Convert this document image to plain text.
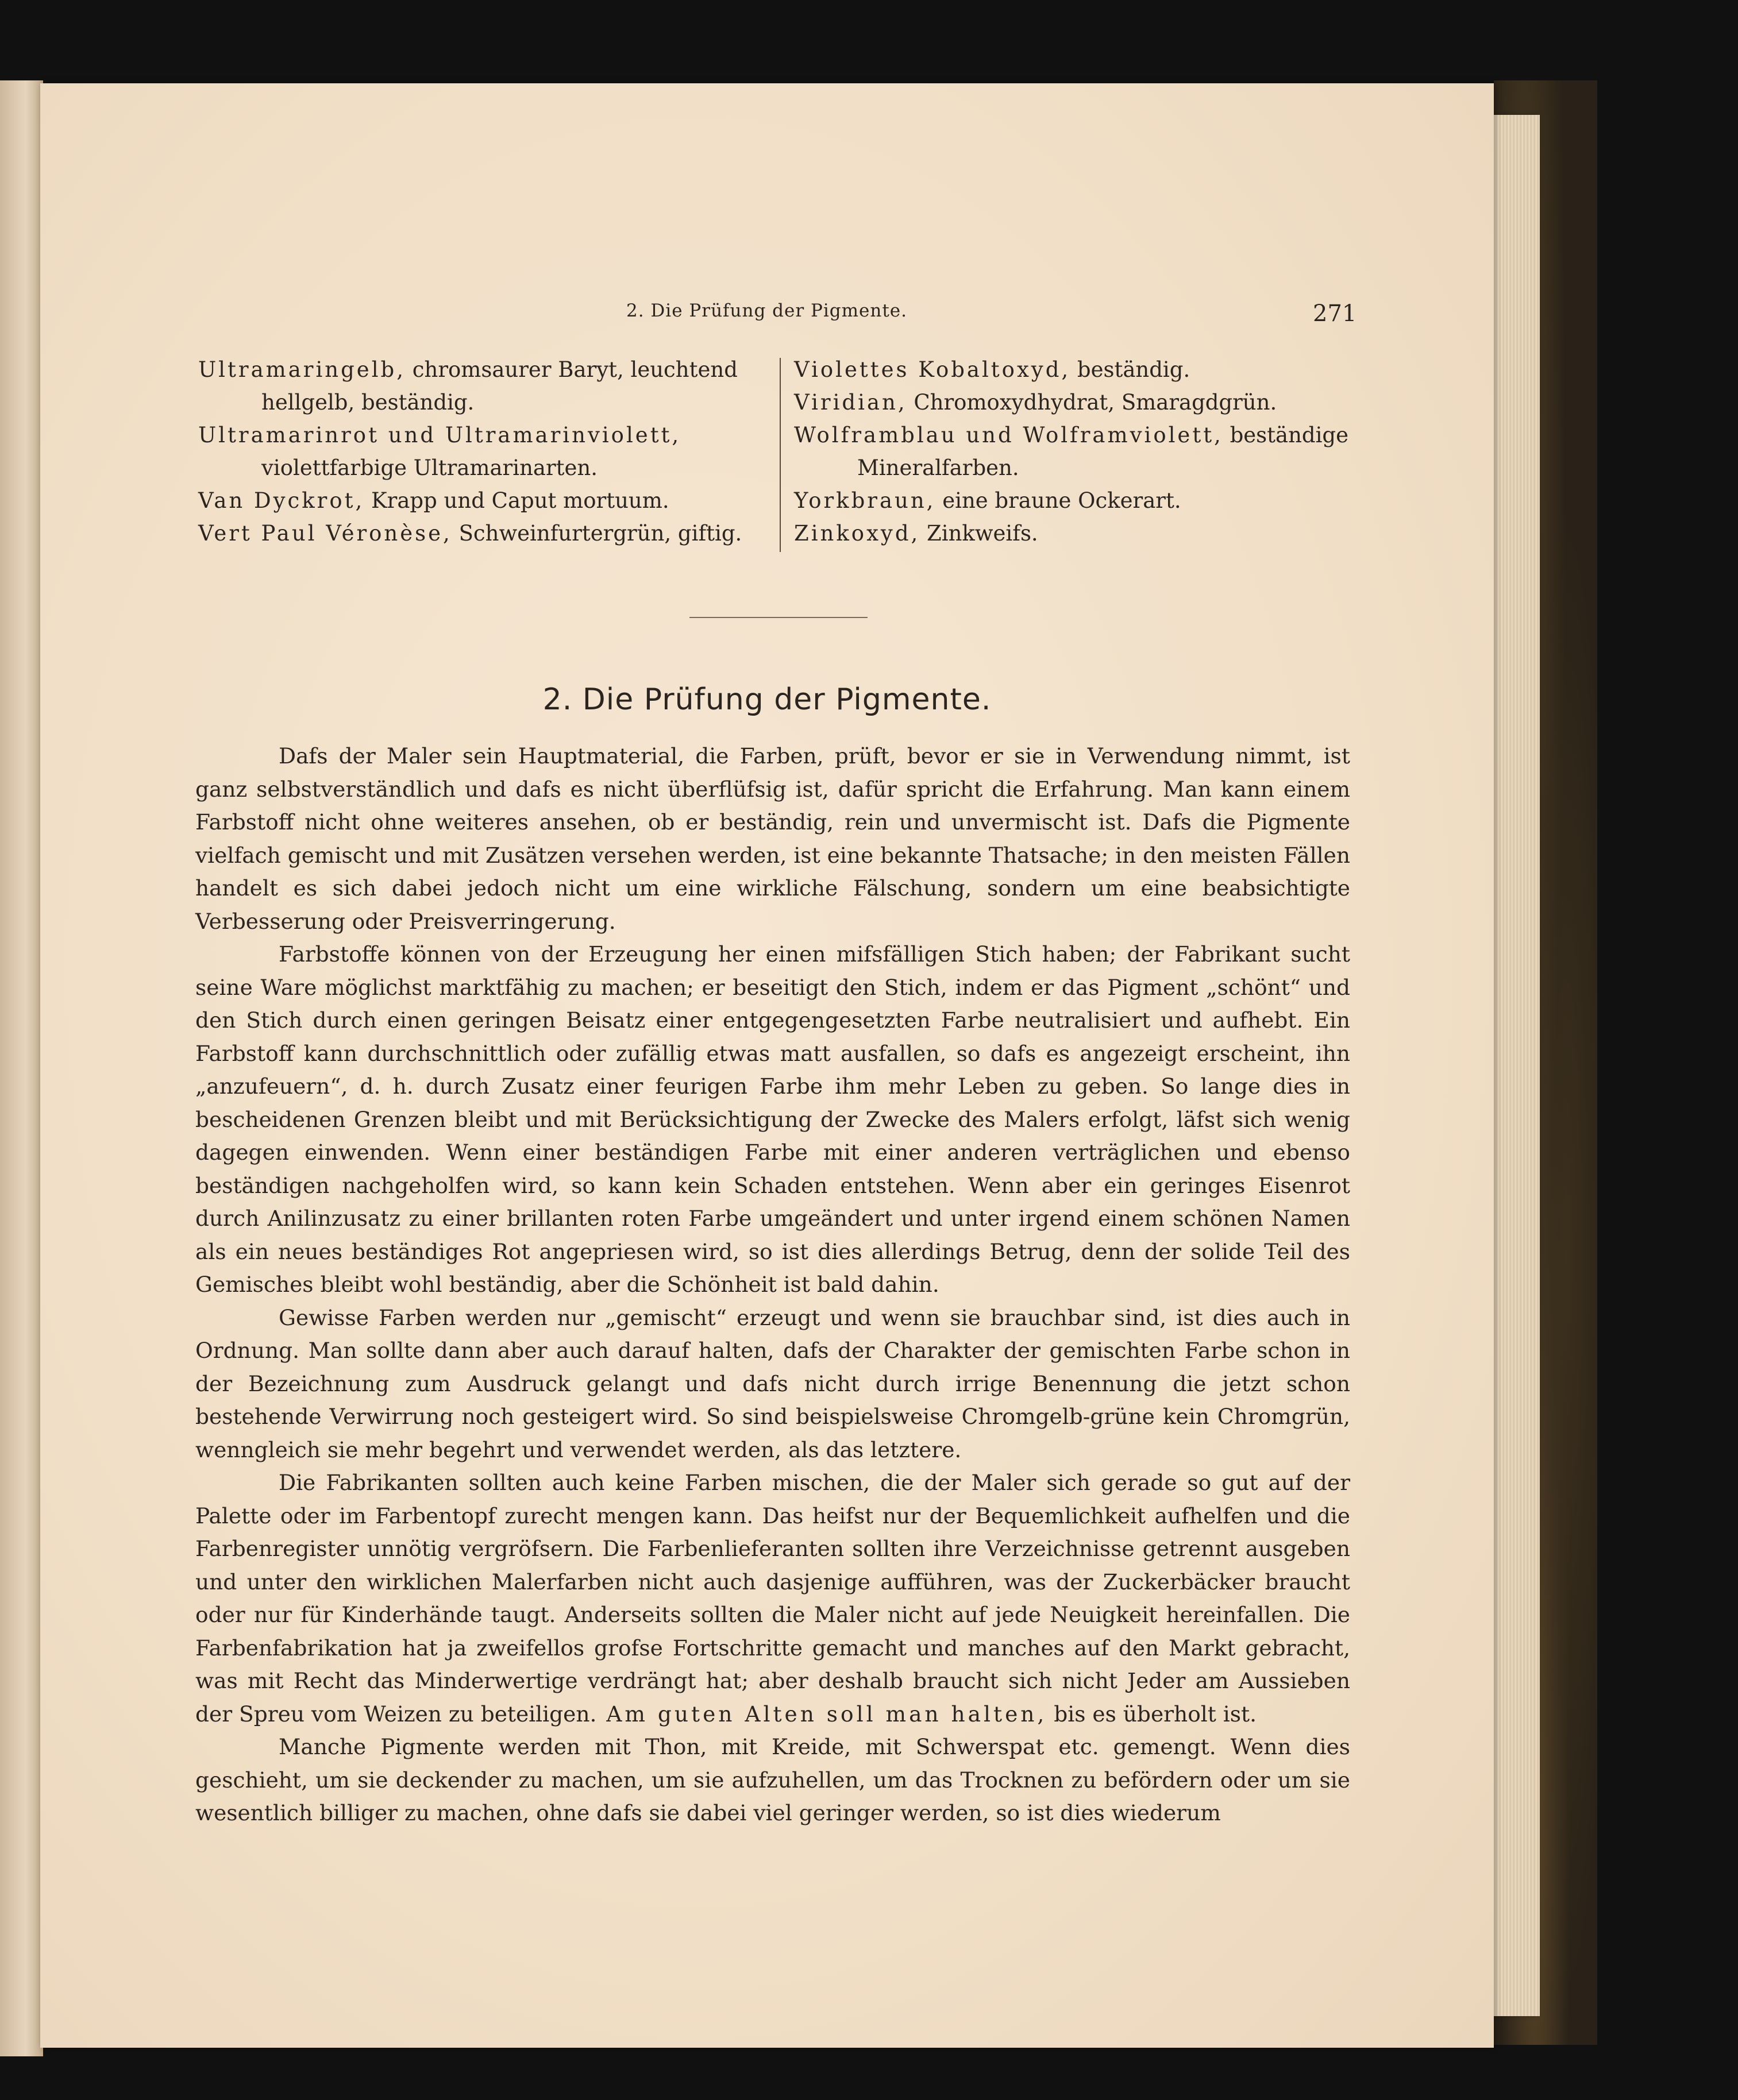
2. Die Prüfung der Pigmente.	271

Ultramaringelb, chromsaurer Baryt, leuchtend hellgelb, beständig.

Ultramarinrot und Ultramarinviolett, violettfarbige Ultramarinarten.

Van Dyckrot, Krapp und Caput mortuum.

Vert Paul Véronèse, Schweinfurtergrün, giftig.

Violettes Kobaltoxyd, beständig.

Viridian, Chromoxydhydrat, Smaragdgrün.

Wolframblau und Wolframviolett, beständige Mineralfarben.

Yorkbraun, eine braune Ockerart.

Zinkoxyd, Zinkweifs.

2. Die Prüfung der Pigmente.

Dafs der Maler sein Hauptmaterial, die Farben, prüft, bevor er sie in Verwendung nimmt, ist ganz selbstverständlich und dafs es nicht überflüfsig ist, dafür spricht die Erfahrung. Man kann einem Farbstoff nicht ohne weiteres ansehen, ob er beständig, rein und unvermischt ist. Dafs die Pigmente vielfach gemischt und mit Zusätzen versehen werden, ist eine bekannte Thatsache; in den meisten Fällen handelt es sich dabei jedoch nicht um eine wirkliche Fälschung, sondern um eine beabsichtigte Verbesserung oder Preisverringerung.

Farbstoffe können von der Erzeugung her einen mifsfälligen Stich haben; der Fabrikant sucht seine Ware möglichst marktfähig zu machen; er beseitigt den Stich, indem er das Pigment „schönt“ und den Stich durch einen geringen Beisatz einer entgegengesetzten Farbe neutralisiert und aufhebt. Ein Farbstoff kann durchschnittlich oder zufällig etwas matt ausfallen, so dafs es angezeigt erscheint, ihn „anzufeuern“, d. h. durch Zusatz einer feurigen Farbe ihm mehr Leben zu geben. So lange dies in bescheidenen Grenzen bleibt und mit Berücksichtigung der Zwecke des Malers erfolgt, läfst sich wenig dagegen einwenden. Wenn einer beständigen Farbe mit einer anderen verträglichen und ebenso beständigen nachgeholfen wird, so kann kein Schaden entstehen. Wenn aber ein geringes Eisenrot durch Anilinzusatz zu einer brillanten roten Farbe umgeändert und unter irgend einem schönen Namen als ein neues beständiges Rot angepriesen wird, so ist dies allerdings Betrug, denn der solide Teil des Gemisches bleibt wohl beständig, aber die Schönheit ist bald dahin.

Gewisse Farben werden nur „gemischt“ erzeugt und wenn sie brauchbar sind, ist dies auch in Ordnung. Man sollte dann aber auch darauf halten, dafs der Charakter der gemischten Farbe schon in der Bezeichnung zum Ausdruck gelangt und dafs nicht durch irrige Benennung die jetzt schon bestehende Verwirrung noch gesteigert wird. So sind beispielsweise Chromgelb-grüne kein Chromgrün, wenngleich sie mehr begehrt und verwendet werden, als das letztere.

Die Fabrikanten sollten auch keine Farben mischen, die der Maler sich gerade so gut auf der Palette oder im Farbentopf zurecht mengen kann. Das heifst nur der Bequemlichkeit aufhelfen und die Farbenregister unnötig vergröfsern. Die Farbenlieferanten sollten ihre Verzeichnisse getrennt ausgeben und unter den wirklichen Malerfarben nicht auch dasjenige aufführen, was der Zuckerbäcker braucht oder nur für Kinderhände taugt. Anderseits sollten die Maler nicht auf jede Neuigkeit hereinfallen. Die Farbenfabrikation hat ja zweifellos grofse Fortschritte gemacht und manches auf den Markt gebracht, was mit Recht das Minderwertige verdrängt hat; aber deshalb braucht sich nicht Jeder am Aussieben der Spreu vom Weizen zu beteiligen. Am guten Alten soll man halten, bis es überholt ist.

Manche Pigmente werden mit Thon, mit Kreide, mit Schwerspat etc. gemengt. Wenn dies geschieht, um sie deckender zu machen, um sie aufzuhellen, um das Trocknen zu befördern oder um sie wesentlich billiger zu machen, ohne dafs sie dabei viel geringer werden, so ist dies wiederum
